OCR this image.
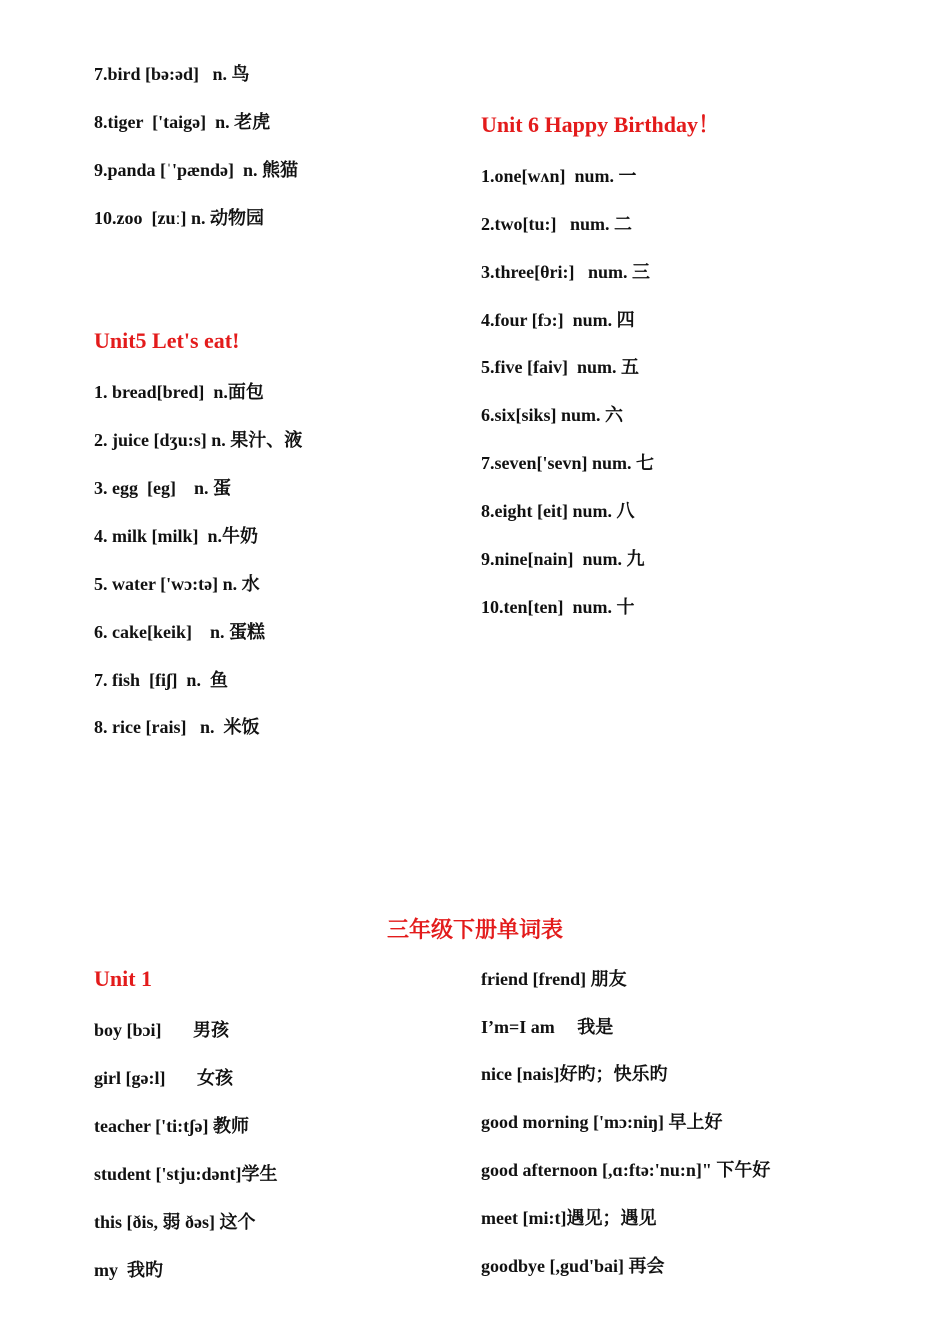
7.bird [bə:əd]   n. 鸟
8.tiger  ['taigə]  n. 老虎
9.panda [ˈ'pændə]  n. 熊猫
10.zoo  [zuː] n. 动物园
Unit5 Let's eat!
1. bread[bred]  n.面包
2. juice [dʒu:s] n. 果汁、液
3. egg  [eg]    n. 蛋
4. milk [milk]  n.牛奶
5. water ['wɔ:tə] n. 水
6. cake[keik]    n. 蛋糕
7. fish  [fiʃ]  n.  鱼
8. rice [rais]   n.  米饭
Unit 6 Happy Birthday！
1.one[wʌn]  num. 一
2.two[tu:]   num. 二
3.three[θri:]   num. 三
4.four [fɔ:]  num. 四
5.five [faiv]  num. 五
6.six[siks] num. 六
7.seven['sevn] num. 七
8.eight [eit] num. 八
9.nine[nain]  num. 九
10.ten[ten]  num. 十
三年级下册单词表
Unit 1
boy [bɔi]       男孩
girl [gə:l]       女孩
teacher ['ti:tʃə] 教师
student ['stju:dənt]学生
this [ðis, 弱 ðəs] 这个
my  我旳
friend [frend] 朋友
I’m=I am     我是
nice [nais]好旳；快乐旳
good morning ['mɔ:niŋ] 早上好
good afternoon [,ɑ:ftə:'nu:n]" 下午好
meet [mi:t]遇见；遇见
goodbye [,gud'bai] 再会
